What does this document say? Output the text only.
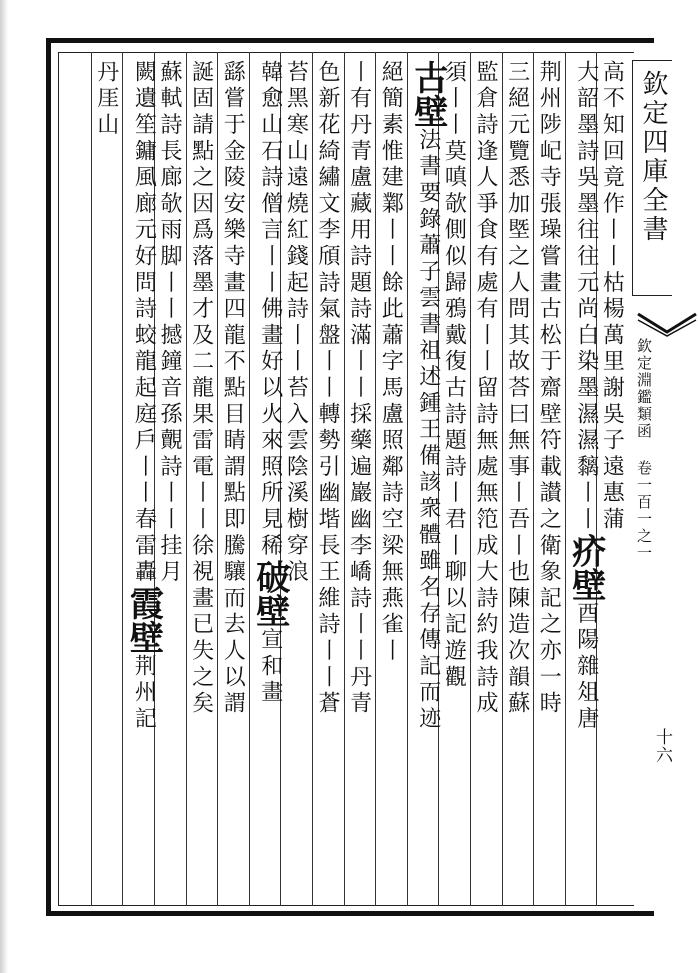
欽定四庫全書
欽定淵鑑類函 卷一百一之一
十六
高不知回竟作丨丨枯楊萬里謝吳子遠惠蒲
大韶墨詩吳墨往往元尚白染墨濕濕黐丨丨疥壁酉陽雜俎唐
荆州陟屺寺張璪嘗畫古松于齋壁符載讃之衛象記之亦一時
三絕元覽悉加塈之人問其故荅曰無事丨吾丨也陳造次韻蘇
監倉詩逢人爭食有處有丨丨留詩無處無笵成大詩約我詩成
須丨丨莫嗔欹側似歸鴉戴復古詩題詩丨君丨聊以記遊觀
古壁法書要錄蕭子雲書祖述鍾王備該衆體雖名存傳記而迹
絕簡素惟建鄴丨丨餘此蕭字馬盧照鄰詩空梁無燕雀丨
丨有丹青盧藏用詩題詩滿丨丨採藥遍巖幽李嶠詩丨丨丹青
色新花綺繡文李頎詩氣盤丨丨轉勢引幽堦長王維詩丨丨蒼
苔黑寒山遠燒紅錢起詩丨丨苔入雲陰溪樹穿浪
韓愈山石詩僧言丨丨佛畫好以火來照所見稀破壁宣和畫
繇嘗于金陵安樂寺畫四龍不點目睛謂點即騰驤而去人以謂
誕固請點之因爲落墨才及二龍果雷電丨丨徐視畫已失之矣
蘇軾詩長廊欹雨脚丨丨撼鐘音孫覿詩丨丨挂月
闕遺笙鏞風廊元好問詩蛟龍起庭戶丨丨春雷轟霞壁荆州記
丹厓山
